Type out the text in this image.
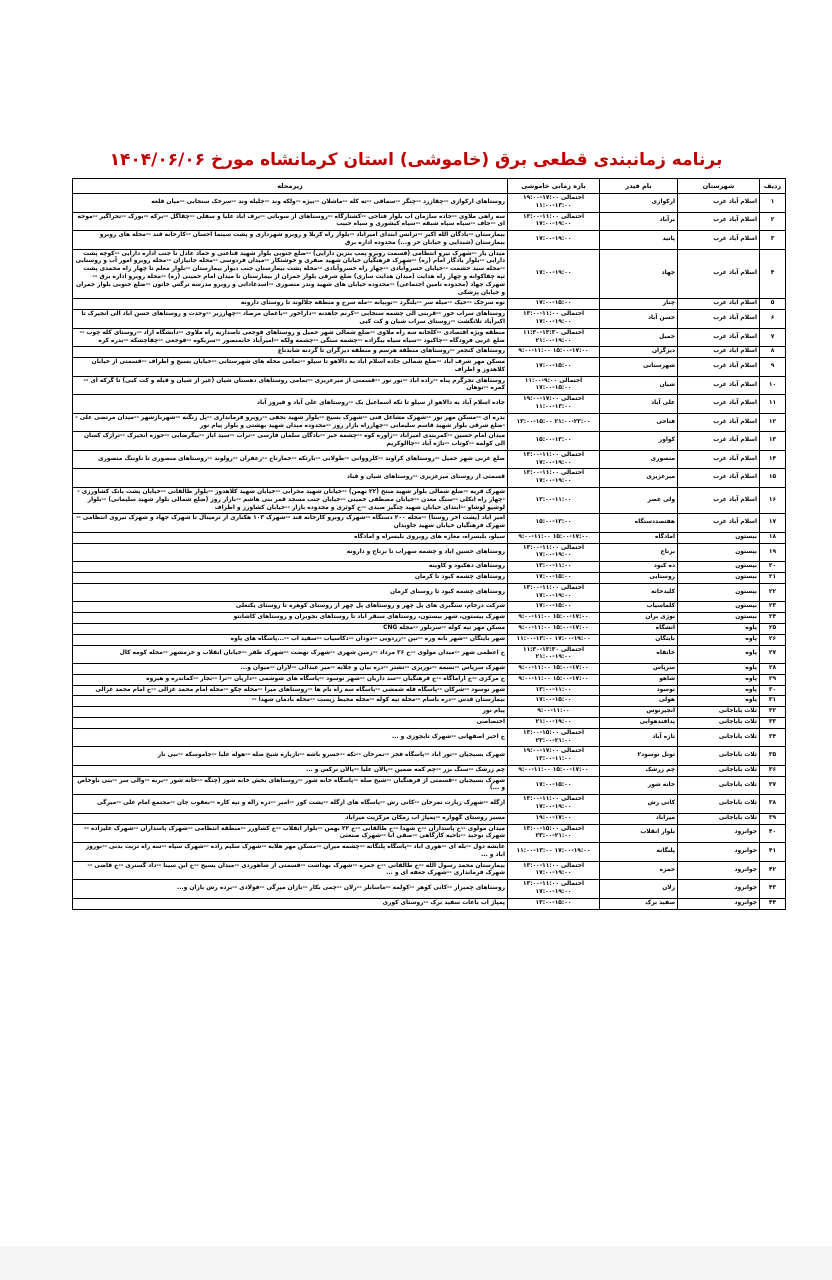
برنامه زمانبندی قطعی برق (خاموشی) استان کرمانشاه مورخ ۱۴۰۴/۰۶/۰۶
ردیف	شهرستان	نام فیدر	بازه زمانی خاموشی	زیرمحله
۱	اسلام آباد غرب	ارکوازی	احتمالی ۱۷:۰۰-۱۹:۰۰ ۱۳:۰۰-۱۱:۰۰	روستاهای ارکوازی --چقازرد --چنگر --سماقی --ته کله --ماشلان --بیژه --ولکه وند --جلیله وند --سرخک سنجابی --میان قلعه
۲	اسلام آباد غرب	برآباد	۱۳:۰۰-۱۱:۰۰ احتمالی ۱۹:۰۰-۱۷:۰۰	سه راهی ملاوی --جاده سازمان آب بلوار فتاحی --کشتارگاه --روستاهای از سوباتی --برف آباد علیا و سفلی --چقاگل --برکه --بورک --تحرآگیر --موحه ای --جاف --سیاه سیاه شبقه --سیاه کیشوری و سیاه حبیب
۳	اسلام آباد غرب	پاتید	۱۷:۰۰-۱۹:۰۰	بیمارستان --بادگان الله اکبر --ترانس ابتدای امیرآباد --بلوار راه کربلا و روبرو شهرداری و پشت سینما احسان --کارخانه قند --محله های روبرو بیمارستان (شیدایی و خیابان حر و...) محدوده اداره برق
۴	اسلام آباد غرب	جهاد	۱۷:۰۰-۱۹:۰۰	میدان یار --شهرک نیرو انتظامی (قسمت روبرو پمپ بنزین دارایی) --ضلع جنوبی بلوار شهید قناعتی و حماد عادل تا جنب اداره دارایی --کوچه پشت دارایی --بلوار یادگار امام (ره) --شهرک فرهنگیان خیابان شهید صفری و خوشنکار --میدان فردوسی --محله جانبازان --محله روبرو امور آب و روستایی --محله سید حشمت --خیابان خسروآبادی --چهار راه خسروآبادی --محله پشت بیمارستان جنب دیوار بیمارستان --بلوار معلم تا چهار راه محمدی پشت تپه چقاکوانه و چهار راه هدایت (میدان هدایت ساری) ضلع شرقی بلوار جمران از بیمارستان تا میدان امام خمینی (ره) --محله روبرو اداره برق --شهرک جهاد (محدوده تامین اجتماعی) --محدوده خیابان های شهید وندر منصوری --اسدعاداتی و روبرو مدرسه نرگس خاتون --ضلع جنوبی بلوار جمران و خیابان پزشکی
۵	اسلام آباد غرب	چنار	۱۷:۰۰-۱۵:۰۰	نوه سرخک --خیک --میله سر --بلنگرد --نوبیانه --مله سرخ و منطقه جلالوند تا روستای دارونه
۶	اسلام آباد غرب	حسن آباد	۱۳:۰۰-۱۱:۰۰ احتمالی ۱۹:۰۰-۱۷:۰۰	روستاهای سراب خور --قربنی الی چشمه سنجابی --کرنم جاهدنه --داراخور --باغمان مرصاد --چهارزبر --وحدت و روستاهای حسن آباد الی انجیرک تا اکبرآباد تلانگشت --روستای سراب شیان و کت کبی
۷	اسلام آباد غرب	حمیل	۱۱:۳۰-۱۳:۳۰ احتمالی ۱۹:۰۰-۲۱:۰۰	منطقه ویژه اقتصادی --کلخانه سه راه ملاوی --ضلع شمالی شهر حمیل و روستاهای فوجعی تاصداریه راه ملاوی --دانشگاه آزاد --روستای کله چوب --ضلع غربی فرودگاه --چاکبود --سیاه سیاه بیگزاده --چشمه سنگی --چشمه ولکه --امیرآباد خانمنصور --سربکوه --فوجعی --چقاچشکه --بدره کره
۸	اسلام آباد غرب	دیزگران	۹:۰۰-۱۱:۰۰ ۱۵:۰۰-۱۷:۰۰	روستاهای کنجعر --روستاهای منطقه هرسم و منطقه دیزگران تا گردنه شابدناغ
۹	اسلام آباد غرب	شهرستانی	۱۷:۰۰-۱۵:۰۰	مسکن مهر شرف آباد --ضلع شمالی جاده اسلام آباد به دالاهو تا سیلو --تمامی محله های شهرستانی --خیابان بسیج و اطراف --قسمتی از خیابان کلاهدوز و اطراف
۱۰	اسلام آباد غرب	شیان	احتمالی ۹:۰۰-۱۱:۰۰ ۱۵:۰۰-۱۷:۰۰	روستاهای تجرگرم پناه --زاده آباد --نور نور --قسمتی از میرعزیزی --تمامی روستاهای دهستان شیان (غیر از شیان و قبله و کت کبی) تا گرکه ای --کمره --نوهان
۱۱	اسلام آباد غرب	علی آباد	احتمالی ۱۷:۰۰-۱۹:۰۰ ۱۳:۰۰-۱۱:۰۰	جاده اسلام آباد به دالاهو از سیلو تا تکه اسماعیل بک --روستاهای علی آباد و فیروز آباد
۱۲	اسلام آباد غرب	فتاحی	۱۳:۰۰-۱۵:۰۰ ۲۱:۰۰-۲۳:۰۰	بدره ای --مسکن مهر نور --شهرک مشاغل فنی --شهرک بسیج --بلوار شهید نجفی --روبرو فرمانداری --پل زنگنه --شهربازشهر --میدان مرتضی علی --ضلع شرقی بلوار شهید قاسم سلیمانی --چهارراه بازار روز --محدوده میدان شهید بهشتی و بلوار پیام نور
۱۳	اسلام آباد غرب	کواور	۱۵:۰۰-۱۳:۰۰	میدان امام حسین --کمربندی امیرآباد --زاوره کوه --چشمه خیر --بادگان سلمان فارسی --تراب --سید آباز --بیگرضایی --حوزه انجیرک --ترازک کسان الی کولمه --کوتاب --تاژه آباد --چاالوکریم
۱۴	اسلام آباد غرب	منصوری	۱۳:۰۰-۱۱:۰۰ احتمالی ۱۹:۰۰-۱۷:۰۰	ضلع غربی شهر حمیل --روستاهای کراوند --کلرووانی --طولانی --بارتکه --خمارتاخ --زعفران --رولوند --روستاهای منصوری تا ناونتگ منصوری
۱۵	اسلام آباد غرب	میرعزیزی	۱۳:۰۰-۱۱:۰۰ احتمالی ۱۹:۰۰-۱۷:۰۰	قسمتی از روستای میرعزیزی --روستاهای شیان و قباد
۱۶	اسلام آباد غرب	ولی عصر	۱۳:۰۰-۱۱:۰۰	شهرک قریه --ضلع شمالی بلوار شهید منتخ (۲۲ بهمن) --خیابان شهید محرابی --خیابان شهید کلاهدوز --بلوار طالقانی --خیابان پشت بانک کشاورزی --چهار راه انکلی --سنگ معدن --خیابان مصطفی خمینی --خیابان جنب مسجد قمر بنی هاشم --بازار روز (ضلع شمالی بلوار شهید سلیمانی) --بلوار لوشیو لوشاو --ابتدای خیابان شهید چنگیز صیدی --خ کوثری و محدوده بازار --خیابان کشاورز و اطراف
۱۷	اسلام آباد غرب	هفتصددستگاه	۱۵:۰۰-۱۳:۰۰	امیر آباد (پشت آخر روستا) --محله ۲۰۰ دستگاه --شهرک روبرو کارخانه قند --شهرک ۱۰۳ هکتاری از ترمینال تا شهرک جهاد و شهرک نیروی انتظامی --شهرک فرهنگیان خیابان شهید جاویدان
۱۸	بیستون	آمادگاه	۹:۰۰-۱۱:۰۰ ۱۵:۰۰-۱۷:۰۰	سیلو، بلبسراه، مغازه های روبروی بلبسراه و امادگاه
۱۹	بیستون	برناج	۱۳:۰۰-۱۱:۰۰ احتمالی ۱۹:۰۰-۱۷:۰۰	روستاهای حسین اباد و چشمه سهراب تا برناج و دارونه
۲۰	بیستون	ده کبود	۱۳:۰۰-۱۱:۰۰	روستاهای دهکبود و کاوینه
۲۱	بیستون	روستایی	۱۷:۰۰-۱۵:۰۰	روستاهای چشمه کبود تا کرمان
۲۲	بیستون	کلیدخانه	۱۳:۰۰-۱۱:۰۰ احتمالی ۱۹:۰۰-۱۷:۰۰	روستاهای چشمه کبود تا روستای کرمان
۲۳	بیستون	کلماسیاب	۱۷:۰۰-۱۵:۰۰	شرکت درجام، سنگبری های پل چهر و روستاهای پل چهر از روستای کوهره تا روستای یکتعلی
۲۴	بیستون	نوژی بران	۹:۰۰-۱۱:۰۰ ۱۵:۰۰-۱۷:۰۰	شهرک بیستون، شهر بیستون، روستاهای سنقر اباد تا روستاهای نجوبران و روستاهای کاشانتو
۲۵	پاوه	آتشگاه	۹:۰۰-۱۱:۰۰ ۱۵:۰۰-۱۷:۰۰	مسکن مهر تپه کوله --سربلور --محله CNG
۲۶	پاوه	بایتگان	۱۱:۰۰-۱۳:۰۰ ۱۷:۰۰-۱۹:۰۰	شهر بایتگان --شهر بانه وره --نین --زردویی --دودان --دکاسیاب --سفید اب --...پاسگاه های پاوه
۲۷	پاوه	خانقاه	۱۱:۳۰-۱۳:۳۰ احتمالی ۱۹:۰۰-۲۱:۰۰	خ اعظمی شهر --میدان مولوی --خ ۲۶ مرداد --زمین شهری --شهرک نهضت --شهرک ظفر --خیابان انقلاب و خرمشهر --محله کومه کال
۲۸	پاوه	سرپاس	۹:۰۰-۱۱:۰۰ ۱۵:۰۰-۱۷:۰۰	شهرک سرپاس --نسمه --نوریزی --تشتر --دره نیان و جلانه --میر عبدالی --لاران --میوان و...
۲۹	پاوه	شاهو	۹:۰۰-۱۱:۰۰ ۱۵:۰۰-۱۷:۰۰	خ مرکزی --خ آراماگاه --خ فرهنگیان --سد داریان --شهر نوسود --پاسگاه های شوشمی --داریان --نرا --نجار --کماندره و هیروه
۳۰	پاوه	نوسود	۱۳:۰۰-۱۱:۰۰	شهر نوسود --شرکان --پاسگاه قله شمشی --پاسگاه سه راه نام ها --روستاهای میرا --محله چکو --محله امام محمد غزالی --خ امام محمد غزالی
۳۱	پاوه	هولی	۱۷:۰۰-۱۵:۰۰	بیمارستان قدس --دره باسام --محله تپه کوله --محله محیط زیست --محله بادمان شهدا --
۳۲	ثلاث باباجانی	انجیرنوس	۹:۰۰-۱۱:۰۰	پیام نور
۳۳	ثلاث باباجانی	پدافندهوایی	۲۱:۰۰-۱۹:۰۰	اختصاصی
۳۴	ثلاث باباجانی	تازه آباد	۱۳:۰۰-۱۵:۰۰ احتمالی ۲۱:۰۰-۲۳:۰۰	خ اخیر اصفهانی --شهرک تایجوزی و ...
۳۵	ثلاث باباجانی	توتل نوسود۲	احتمالی ۱۷:۰۰-۱۹:۰۰ ۱۱:۰۰-۱۳:۰۰	شهرک بسیجیان --نور اباد --پاسگاه فجر --نمرخان --تکه --خسرو باشه --تازیاره شیخ صله --هوله علیا --جاموسکه --نبی نار
۳۶	ثلاث باباجانی	چم زرشک	۹:۰۰-۱۱:۰۰ ۱۵:۰۰-۱۷:۰۰	چم زرشک --سنگ بزر --چم کمه ضمین --پالان علیا --پالان نرکس و ...
۳۷	ثلاث باباجانی	خانه شور	۱۷:۰۰-۱۵:۰۰	شهرک بسیجیان --قسمتی از فرهنگیان --شیخ صله --پاسگاه خانه شور --روستاهای بخش خانه شور (چنگه --خانه شور --بربه --والی سر --بنی ناوخاص و ...)
۳۸	ثلاث باباجانی	کانی رش	۱۳:۰۰-۱۱:۰۰ احتمالی ۱۹:۰۰-۱۷:۰۰	ازگله --شهرک زیارت نمرخان --کانی رش --پاسگاه های ازگله --پشت کور --امیر --دره زاله و تپه کاره --بعقوب جان --مجتمع امام علی --میرگی
۳۹	ثلاث باباجانی	میرآباد	۱۹:۰۰-۱۷:۰۰	مسیر روستای گهواره --پمپاژ آب زمکان مرکزیت میرآباد
۴۰	جوانرود	بلوار انقلاب	۱۳:۰۰-۱۵:۰۰ احتمالی ۲۱:۰۰-۲۳:۰۰	میدان مولوی --خ پاسداران --خ شهدا --خ طالقانی --خ ۲۲ بهمن --بلوار انقلاب --خ کشاورز --منطقه انتظامی --شهرک پاسداران --شهرک علیزاده --شهرک توحید --ناحیه کارگاهی --صفی ابا --شهرک صنعتی
۴۱	جوانرود	پلنگانه	۱۱:۰۰-۱۳:۰۰ ۱۷:۰۰-۱۹:۰۰	عابشه دول --بله ای --هوری اباد --پاسگاه پلنگانه --چشمه میران --مسکن مهر هلابه --شهرک سلیم زاده --شهرک سیاه --سه راه تربت بدنی --نوروز اباد و ...
۴۲	جوانرود	حمزه	۱۳:۰۰-۱۱:۰۰ احتمالی ۱۹:۰۰-۱۷:۰۰	بیمارستان محمد رسول الله --خ طالقانی --خ حمزه --شهرک بهداشت --قسمتی از شاهوردی --میدان بسیج --خ ابن سینا --داد گستری --خ قاضی --شهرک فرمانداری --شهرک جعفه ای و ...
۴۳	جوانرود	زلان	۱۳:۰۰-۱۱:۰۰ احتمالی ۱۹:۰۰-۱۷:۰۰	روستاهای چمبزار --کانی کوهر --کولمه --ماسانلر --زلان --چمی بکار --بازان میرگی --فولادی --برده رش بازان و...
۴۴	جوانرود	سفید برک	۱۳:۰۰-۱۵:۰۰	پمپاژ اب باغات سفید برک --روستای کوری
